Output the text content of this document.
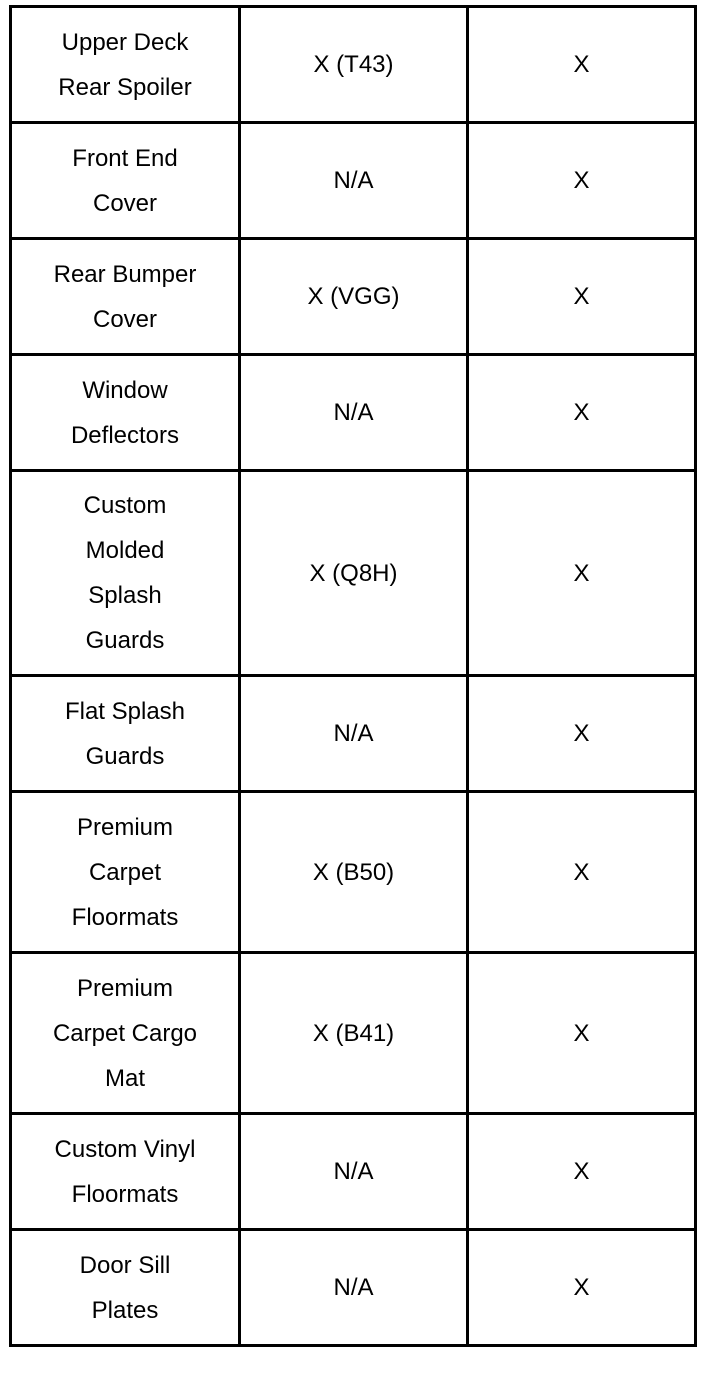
Upper Deck
Rear Spoiler	X (T43)	X
Front End
Cover	N/A	X
Rear Bumper
Cover	X (VGG)	X
Window
Deflectors	N/A	X
Custom
Molded
Splash
Guards	X (Q8H)	X
Flat Splash
Guards	N/A	X
Premium
Carpet
Floormats	X (B50)	X
Premium
Carpet Cargo
Mat	X (B41)	X
Custom Vinyl
Floormats	N/A	X
Door Sill
Plates	N/A	X
